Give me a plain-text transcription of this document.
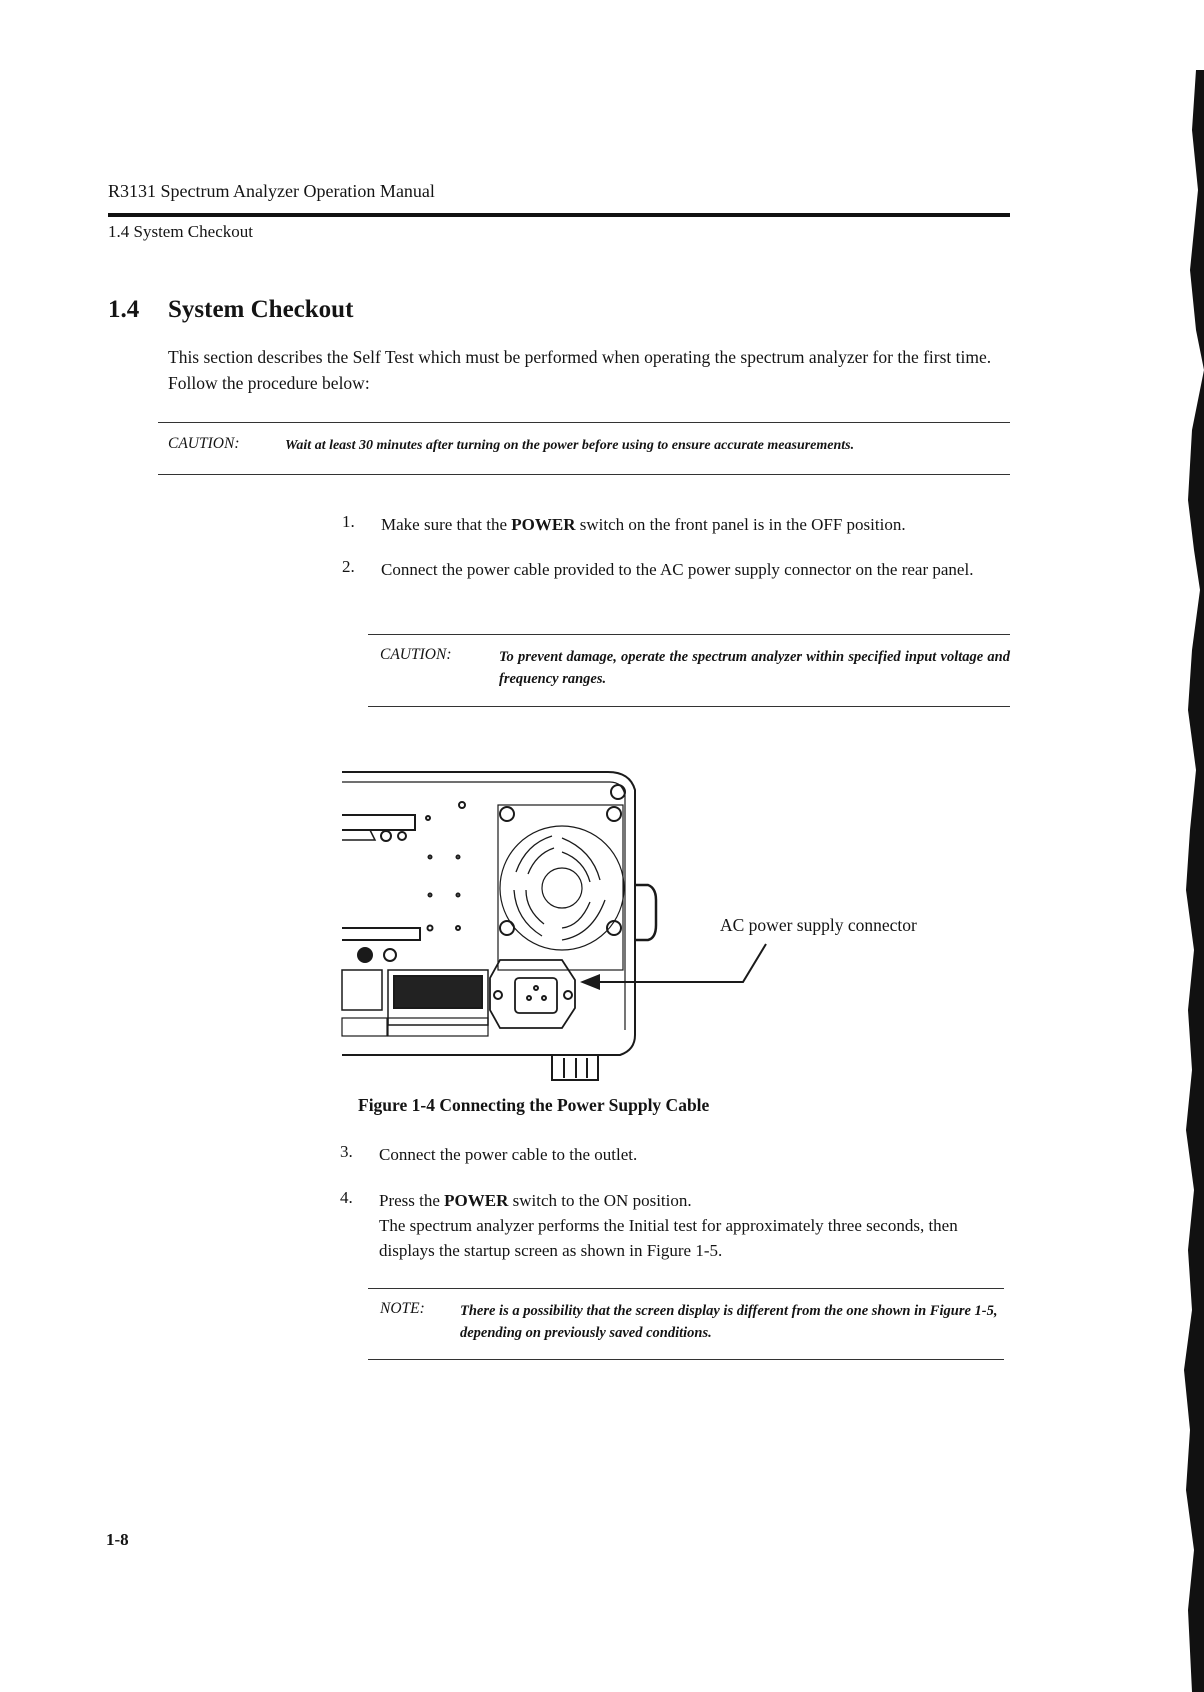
R3131 Spectrum Analyzer Operation Manual
1.4 System Checkout
1.4 System Checkout
This section describes the Self Test which must be performed when operating the spectrum analyzer for the first time. Follow the procedure below:
CAUTION:	Wait at least 30 minutes after turning on the power before using to ensure accurate measurements.
1. Make sure that the POWER switch on the front panel is in the OFF position.
2. Connect the power cable provided to the AC power supply connector on the rear panel.
CAUTION:	To prevent damage, operate the spectrum analyzer within specified input voltage and frequency ranges.
AC power supply connector
Figure 1-4 Connecting the Power Supply Cable
3. Connect the power cable to the outlet.
4. Press the POWER switch to the ON position.
The spectrum analyzer performs the Initial test for approximately three seconds, then displays the startup screen as shown in Figure 1-5.
NOTE: There is a possibility that the screen display is different from the one shown in Figure 1-5, depending on previously saved conditions.
1-8
